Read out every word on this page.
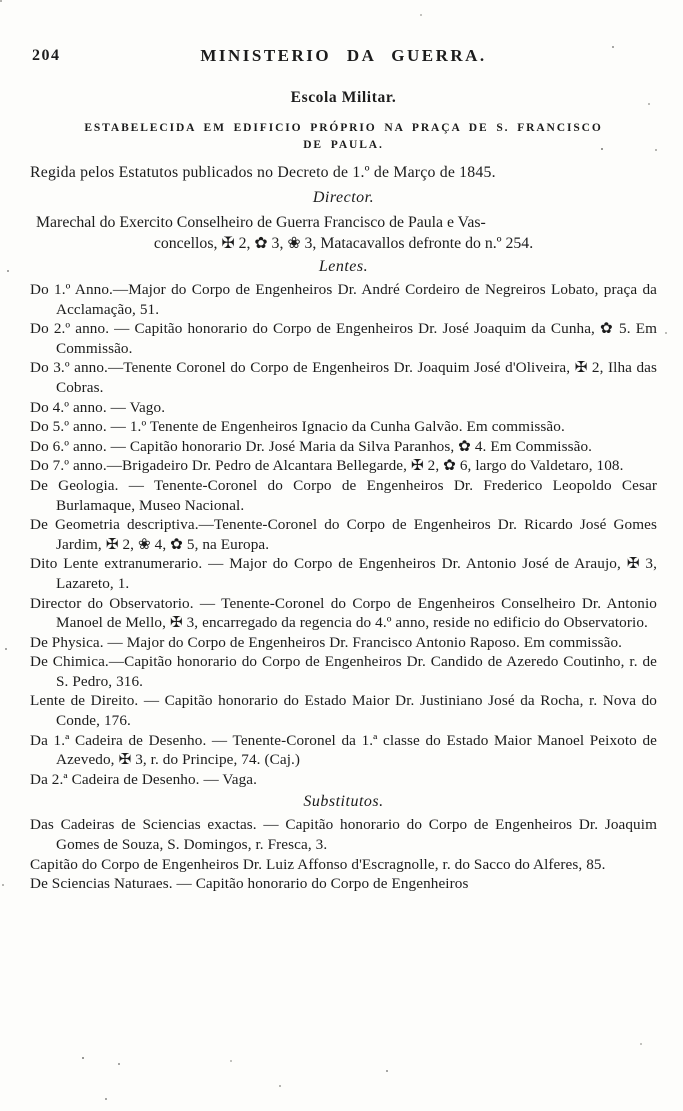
204	MINISTERIO DA GUERRA.
Escola Militar.
ESTABELECIDA EM EDIFICIO PRÓPRIO NA PRAÇA DE S. FRANCISCO
DE PAULA.

Regida pelos Estatutos publicados no Decreto de 1.º de Março de 1845.

Director.
Marechal do Exercito Conselheiro de Guerra Francisco de Paula e Vas-
concellos, ✠ 2, ✿ 3, ❀ 3, Matacavallos defronte do n.º 254.
Lentes.

Do 1.º Anno.—Major do Corpo de Engenheiros Dr. André Cordeiro de Negreiros Lobato, praça da Acclamação, 51.

Do 2.º anno. — Capitão honorario do Corpo de Engenheiros Dr. José Joaquim da Cunha, ✿ 5. Em Commissão.

Do 3.º anno.—Tenente Coronel do Corpo de Engenheiros Dr. Joaquim José d'Oliveira, ✠ 2, Ilha das Cobras.

Do 4.º anno. — Vago.

Do 5.º anno. — 1.º Tenente de Engenheiros Ignacio da Cunha Galvão. Em commissão.

Do 6.º anno. — Capitão honorario Dr. José Maria da Silva Paranhos, ✿ 4. Em Commissão.

Do 7.º anno.—Brigadeiro Dr. Pedro de Alcantara Bellegarde, ✠ 2, ✿ 6, largo do Valdetaro, 108.

De Geologia. — Tenente-Coronel do Corpo de Engenheiros Dr. Frederico Leopoldo Cesar Burlamaque, Museo Nacional.

De Geometria descriptiva.—Tenente-Coronel do Corpo de Engenheiros Dr. Ricardo José Gomes Jardim, ✠ 2, ❀ 4, ✿ 5, na Europa.

Dito Lente extranumerario. — Major do Corpo de Engenheiros Dr. Antonio José de Araujo, ✠ 3, Lazareto, 1.

Director do Observatorio. — Tenente-Coronel do Corpo de Engenheiros Conselheiro Dr. Antonio Manoel de Mello, ✠ 3, encarregado da regencia do 4.º anno, reside no edificio do Observatorio.

De Physica. — Major do Corpo de Engenheiros Dr. Francisco Antonio Raposo. Em commissão.

De Chimica.—Capitão honorario do Corpo de Engenheiros Dr. Candido de Azeredo Coutinho, r. de S. Pedro, 316.

Lente de Direito. — Capitão honorario do Estado Maior Dr. Justiniano José da Rocha, r. Nova do Conde, 176.

Da 1.ª Cadeira de Desenho. — Tenente-Coronel da 1.ª classe do Estado Maior Manoel Peixoto de Azevedo, ✠ 3, r. do Principe, 74. (Caj.)

Da 2.ª Cadeira de Desenho. — Vaga.

Substitutos.

Das Cadeiras de Sciencias exactas. — Capitão honorario do Corpo de Engenheiros Dr. Joaquim Gomes de Souza, S. Domingos, r. Fresca, 3.

Capitão do Corpo de Engenheiros Dr. Luiz Affonso d'Escragnolle, r. do Sacco do Alferes, 85.

De Sciencias Naturaes. — Capitão honorario do Corpo de Engenheiros
